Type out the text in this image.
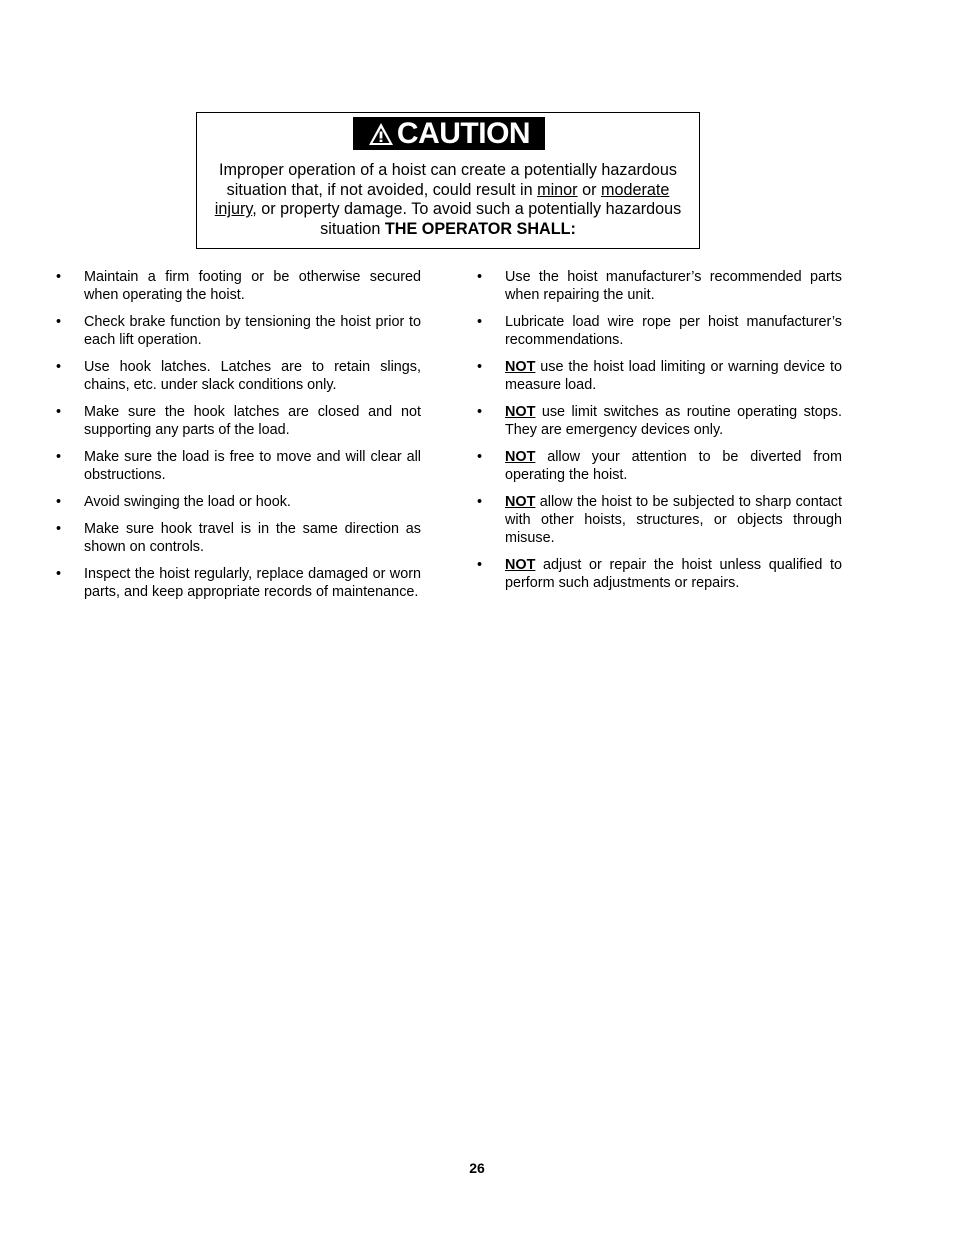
CAUTION
Improper operation of a hoist can create a potentially hazardous situation that, if not avoided, could result in minor or moderate injury, or property damage. To avoid such a potentially hazardous situation THE OPERATOR SHALL:
•	Maintain a firm footing or be otherwise secured when operating the hoist.
•	Check brake function by tensioning the hoist prior to each lift operation.
•	Use hook latches. Latches are to retain slings, chains, etc. under slack conditions only.
•	Make sure the hook latches are closed and not supporting any parts of the load.
•	Make sure the load is free to move and will clear all obstructions.
•	Avoid swinging the load or hook.
•	Make sure hook travel is in the same direction as shown on controls.
•	Inspect the hoist regularly, replace damaged or worn parts, and keep appropriate records of maintenance.
•	Use the hoist manufacturer’s recommended parts when repairing the unit.
•	Lubricate load wire rope per hoist manufacturer’s recommendations.
•	NOT use the hoist load limiting or warning device to measure load.
•	NOT use limit switches as routine operating stops. They are emergency devices only.
•	NOT allow your attention to be diverted from operating the hoist.
•	NOT allow the hoist to be subjected to sharp contact with other hoists, structures, or objects through misuse.
•	NOT adjust or repair the hoist unless qualified to perform such adjustments or repairs.
26
